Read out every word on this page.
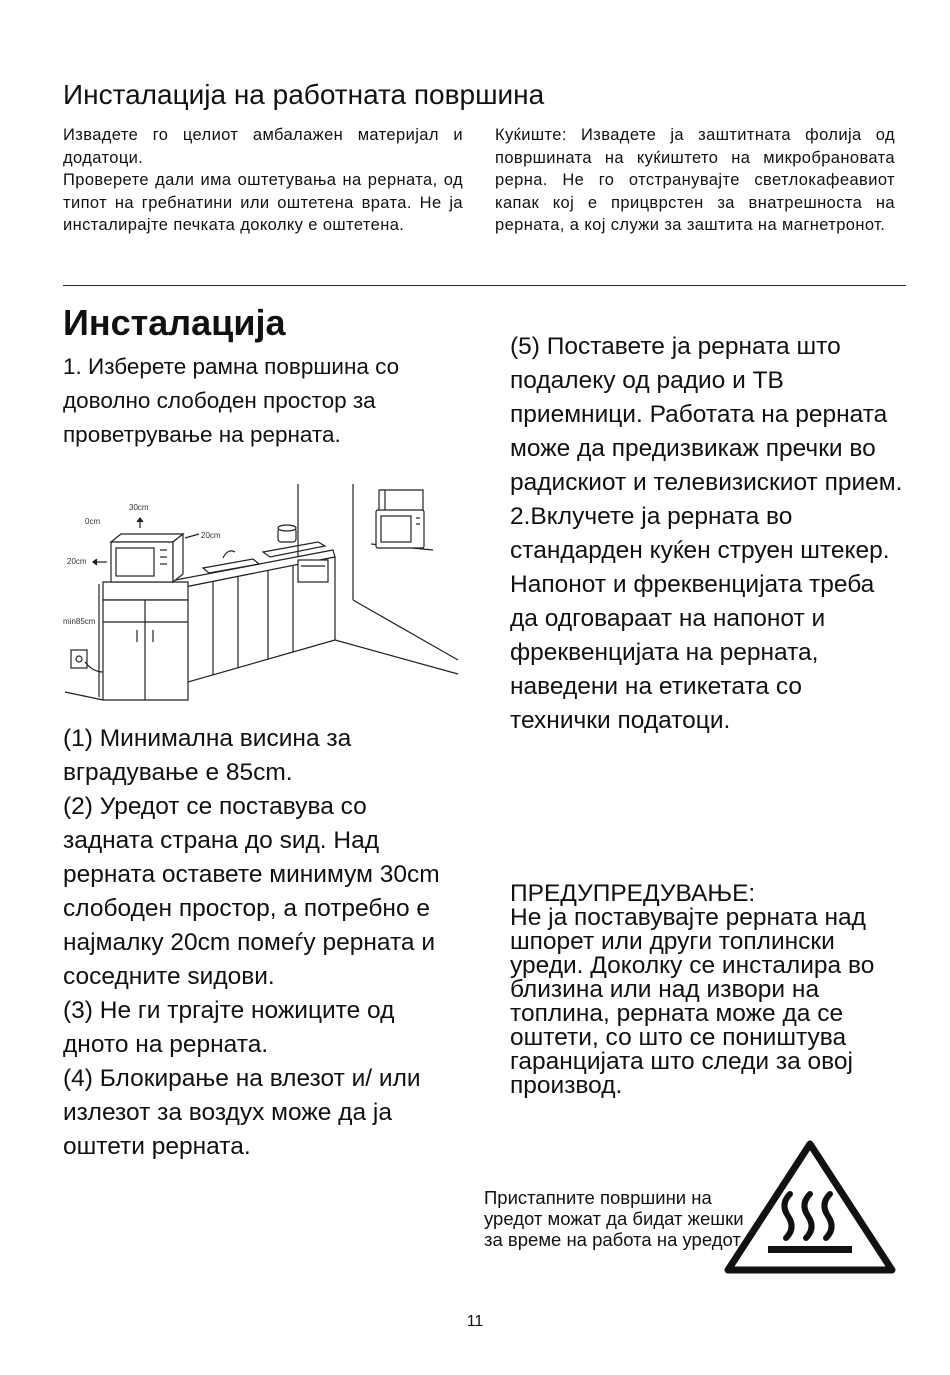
Инсталација на работната површина

Извадете го целиот амбалажен материјал и додатоци.

Проверете дали има оштетувања на рерната, од типот на гребнатини или оштетена врата. Не ја инсталирајте печката доколку е оштетена.

Куќиште: Извадете ја заштитната фолија од површината на куќиштето на микробрановата рерна. Не го отстранувајте светлокафеавиот капак кој е прицврстен за внатрешноста на рерната, а кој служи за заштита на магнетронот.

Инсталација
1. Изберете рамна површина со доволно слободен простор за проветрување на рерната.
30cm
0cm
20cm
20cm
min85cm

(1) Минимална висина за вградување е 85cm.

(2) Уредот се поставува со задната страна до ѕид. Над рерната оставете минимум 30cm слободен простор, а потребно е најмалку 20cm помеѓу рерната и соседните ѕидови.

(3) Не ги тргајте ножиците од дното на рерната.

(4) Блокирање на влезот и/ или излезот за воздух може да ја оштети рерната.

(5) Поставете ја рерната што подалеку од радио и ТВ приемници. Работата на рерната може да предизвикаж пречки во радискиот и телевизискиот прием.

2.Вклучете ја рерната во стандарден куќен струен штекер. Напонот и фреквенцијата треба да одговараат на напонот и фреквенцијата на рерната, наведени на етикетата со технички податоци.

ПРЕДУПРЕДУВАЊЕ:

Не ја поставувајте рерната над шпорет или други топлински уреди. Доколку се инсталира во близина или над извори на топлина, рерната може да се оштети, со што се поништува гаранцијата што следи за овој производ.

Пристапните површини на уредот можат да бидат жешки за време на работа на уредот.
11
